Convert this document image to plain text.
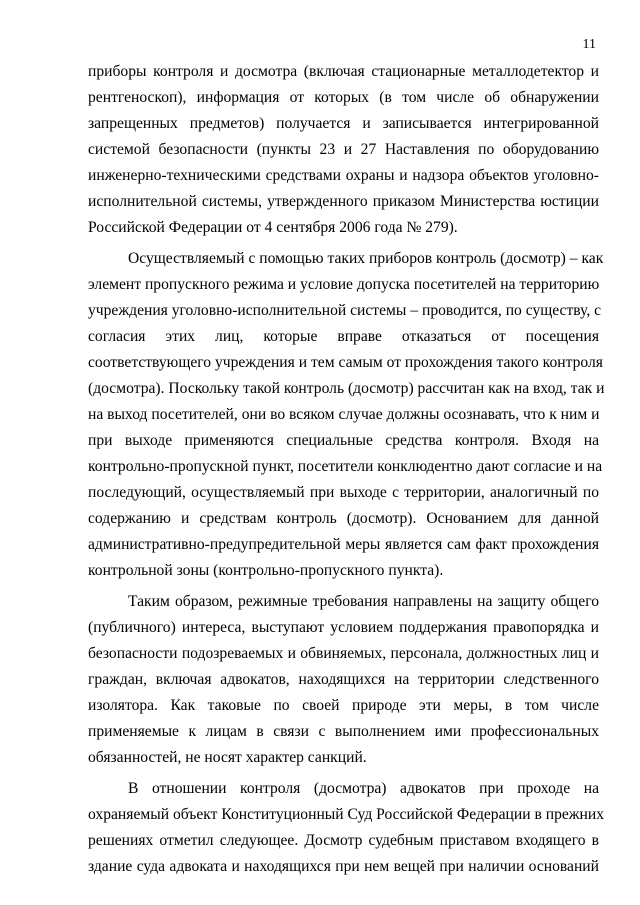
11
приборы контроля и досмотра (включая стационарные металлодетектор и
рентгеноскоп), информация от которых (в том числе об обнаружении
запрещенных предметов) получается и записывается интегрированной
системой безопасности (пункты 23 и 27 Наставления по оборудованию
инженерно-техническими средствами охраны и надзора объектов уголовно-
исполнительной системы, утвержденного приказом Министерства юстиции
Российской Федерации от 4 сентября 2006 года № 279).
Осуществляемый с помощью таких приборов контроль (досмотр) – как
элемент пропускного режима и условие допуска посетителей на территорию
учреждения уголовно-исполнительной системы – проводится, по существу, с
согласия этих лиц, которые вправе отказаться от посещения
соответствующего учреждения и тем самым от прохождения такого контроля
(досмотра). Поскольку такой контроль (досмотр) рассчитан как на вход, так и
на выход посетителей, они во всяком случае должны осознавать, что к ним и
при выходе применяются специальные средства контроля. Входя на
контрольно-пропускной пункт, посетители конклюдентно дают согласие и на
последующий, осуществляемый при выходе с территории, аналогичный по
содержанию и средствам контроль (досмотр). Основанием для данной
административно-предупредительной меры является сам факт прохождения
контрольной зоны (контрольно-пропускного пункта).
Таким образом, режимные требования направлены на защиту общего
(публичного) интереса, выступают условием поддержания правопорядка и
безопасности подозреваемых и обвиняемых, персонала, должностных лиц и
граждан, включая адвокатов, находящихся на территории следственного
изолятора. Как таковые по своей природе эти меры, в том числе
применяемые к лицам в связи с выполнением ими профессиональных
обязанностей, не носят характер санкций.
В отношении контроля (досмотра) адвокатов при проходе на
охраняемый объект Конституционный Суд Российской Федерации в прежних
решениях отметил следующее. Досмотр судебным приставом входящего в
здание суда адвоката и находящихся при нем вещей при наличии оснований
